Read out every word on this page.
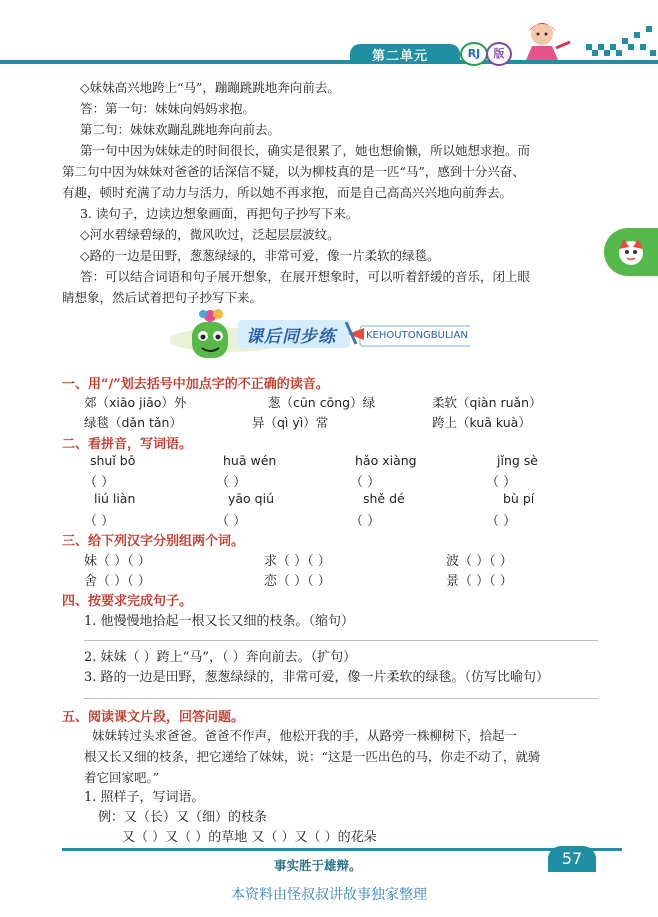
第二单元	RJ	版
◇妹妹高兴地跨上“马”，蹦蹦跳跳地奔向前去。
答：第一句：妹妹向妈妈求抱。
第二句：妹妹欢蹦乱跳地奔向前去。
第一句中因为妹妹走的时间很长，确实是很累了，她也想偷懒，所以她想求抱。而
第二句中因为妹妹对爸爸的话深信不疑，以为柳枝真的是一匹“马”，感到十分兴奋、
有趣，顿时充满了动力与活力，所以她不再求抱，而是自己高高兴兴地向前奔去。
3. 读句子，边读边想象画面，再把句子抄写下来。
◇河水碧绿碧绿的，微风吹过，泛起层层波纹。
◇路的一边是田野，葱葱绿绿的，非常可爱，像一片柔软的绿毯。
答：可以结合词语和句子展开想象，在展开想象时，可以听着舒缓的音乐，闭上眼
睛想象，然后试着把句子抄写下来。
课后同步练	KEHOUTONGBULIAN
一、用“/”划去括号中加点字的不正确的读音。
郊（xiāo jiāo）外	葱（cūn cōng）绿	柔软（qiàn ruǎn）
绿毯（dǎn tǎn）	异（qì yì）常	跨上（kuā kuà）
二、看拼音，写词语。
shuǐ bō	huā wén	hǎo xiàng	jǐng sè
（ ）	（ ）	（ ）	（ ）
liú liàn	yāo qiú	shě dé	bù pí
（ ）	（ ）	（ ）	（ ）
三、给下列汉字分别组两个词。
妹（ ）（ ）	求（ ）（ ）	波（ ）（ ）
舍（ ）（ ）	恋（ ）（ ）	景（ ）（ ）
四、按要求完成句子。
1. 他慢慢地拾起一根又长又细的枝条。（缩句）
2. 妹妹（ ）跨上“马”，（ ）奔向前去。（扩句）
3. 路的一边是田野，葱葱绿绿的，非常可爱，像一片柔软的绿毯。（仿写比喻句）
五、阅读课文片段，回答问题。
妹妹转过头求爸爸。爸爸不作声，他松开我的手，从路旁一株柳树下，拾起一
根又长又细的枝条，把它递给了妹妹，说：“这是一匹出色的马，你走不动了，就骑
着它回家吧。”
1. 照样子，写词语。
例：又（长）又（细）的枝条
又（ ）又（ ）的草地 又（ ）又（ ）的花朵
事实胜于雄辩。	57
本资料由怪叔叔讲故事独家整理
